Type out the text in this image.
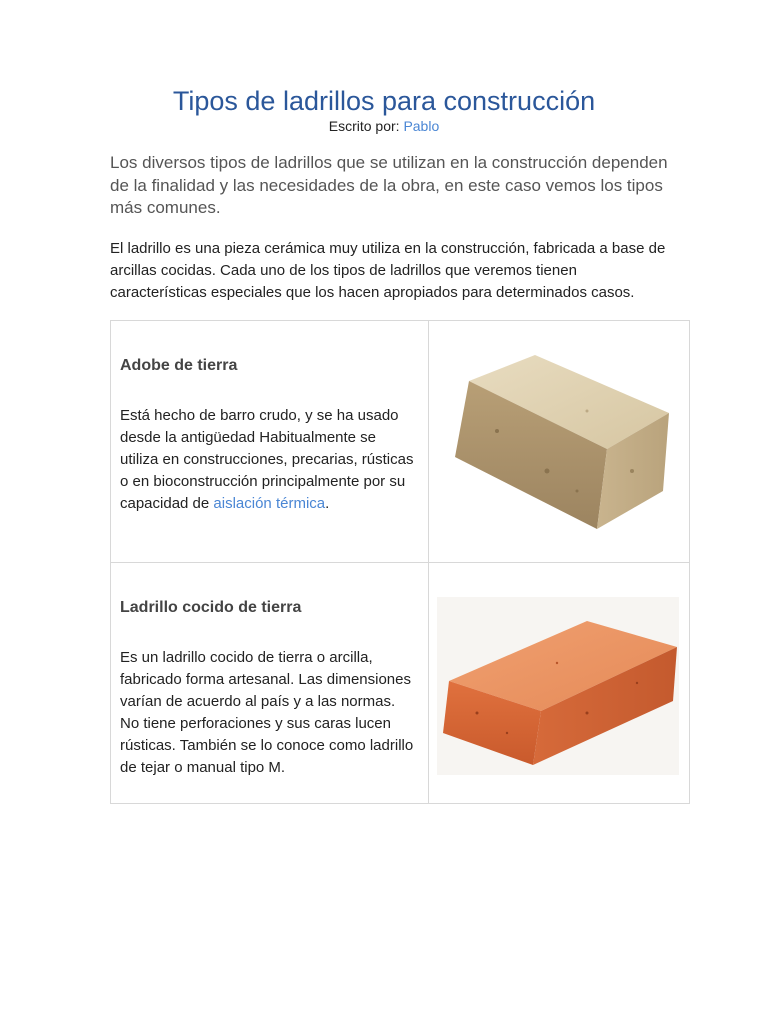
Tipos de ladrillos para construcción
Escrito por: Pablo

Los diversos tipos de ladrillos que se utilizan en la construcción dependen de la finalidad y las necesidades de la obra, en este caso vemos los tipos más comunes.

El ladrillo es una pieza cerámica muy utiliza en la construcción, fabricada a base de arcillas cocidas. Cada uno de los tipos de ladrillos que veremos tienen características especiales que los hacen apropiados para determinados casos.

Adobe de tierra

Está hecho de barro crudo, y se ha usado desde la antigüedad Habitualmente se utiliza en construcciones, precarias, rústicas o en bioconstrucción principalmente por su capacidad de aislación térmica.

Ladrillo cocido de tierra

Es un ladrillo cocido de tierra o arcilla, fabricado forma artesanal. Las dimensiones varían de acuerdo al país y a las normas. No tiene perforaciones y sus caras lucen rústicas. También se lo conoce como ladrillo de tejar o manual tipo M.
